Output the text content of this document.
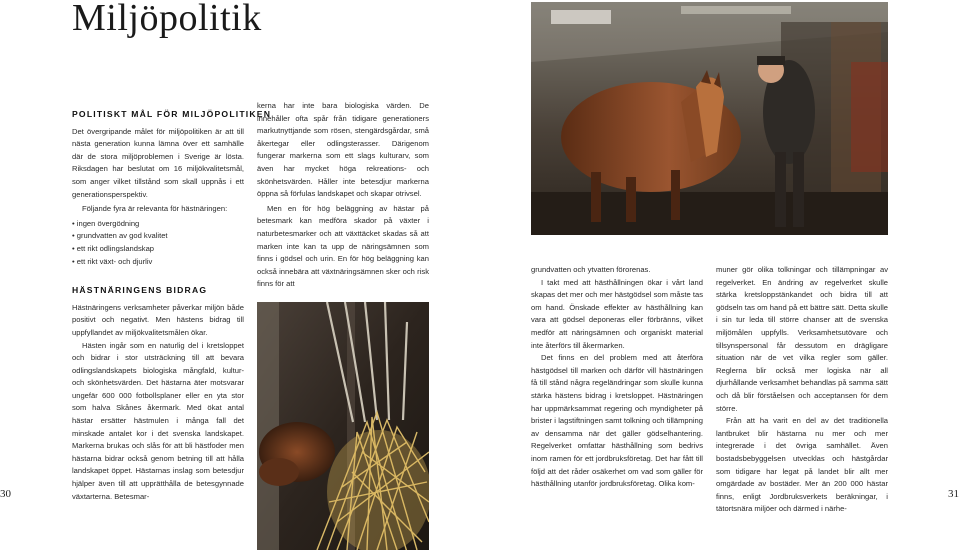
Miljöpolitik
POLITISKT MÅL FÖR MILJÖPOLITIKEN

Det övergripande målet för miljöpolitiken är att till nästa generation kunna lämna över ett samhälle där de stora miljöproblemen i Sverige är lösta. Riksdagen har beslutat om 16 miljökvalitetsmål, som anger vilket tillstånd som skall uppnås i ett generationsperspektiv.

Följande fyra är relevanta för hästnäringen:

• ingen övergödning
• grundvatten av god kvalitet
• ett rikt odlingslandskap
• ett rikt växt- och djurliv
HÄSTNÄRINGENS BIDRAG

Hästnäringens verksamheter påverkar miljön både positivt och negativt. Men hästens bidrag till uppfyllandet av miljökvalitetsmålen ökar.

Hästen ingår som en naturlig del i kretsloppet och bidrar i stor utsträckning till att bevara odlingslandskapets biologiska mångfald, kultur- och skönhetsvärden. Det hästarna äter motsvarar ungefär 600 000 fotbollsplaner eller en yta stor som halva Skånes åkermark. Med ökat antal hästar ersätter hästmulen i många fall det minskade antalet kor i det svenska landskapet. Markerna brukas och slås för att bli hästfoder men hästarna bidrar också genom betning till att hålla landskapet öppet. Hästarnas inslag som betesdjur hjälper även till att upprätthålla de betesgynnade växtarterna. Betesmar-

kerna har inte bara biologiska värden. De innehåller ofta spår från tidigare generationers markutnyttjande som rösen, stengärdsgårdar, små åkertegar eller odlingsterasser. Därigenom fungerar markerna som ett slags kulturarv, som även har mycket höga rekreations- och skönhetsvärden. Håller inte betesdjur markerna öppna så förfulas landskapet och skapar otrivsel.

Men en för hög beläggning av hästar på betesmark kan medföra skador på växter i naturbetesmarker och att växttäcket skadas så att marken inte kan ta upp de näringsämnen som finns i gödsel och urin. En för hög beläggning kan också innebära att växtnäringsämnen sker och risk finns för att

30

grundvatten och ytvatten förorenas.

I takt med att hästhållningen ökar i vårt land skapas det mer och mer hästgödsel som måste tas om hand. Önskade effekter av hästhållning kan vara att gödsel deponeras eller förbränns, vilket medför att näringsämnen och organiskt material inte återförs till åkermarken.

Det finns en del problem med att återföra hästgödsel till marken och därför vill hästnäringen få till stånd några regeländringar som skulle kunna stärka hästens bidrag i kretsloppet. Hästnäringen har uppmärksammat regering och myndigheter på brister i lagstiftningen samt tolkning och tillämpning av densamma när det gäller gödselhantering. Regelverket omfattar hästhållning som bedrivs inom ramen för ett jordbruksföretag. Det har fått till följd att det råder osäkerhet om vad som gäller för hästhållning utanför jordbruksföretag. Olika kom-

muner gör olika tolkningar och tillämpningar av regelverket. En ändring av regelverket skulle stärka kretsloppstänkandet och bidra till att gödseln tas om hand på ett bättre sätt. Detta skulle i sin tur leda till större chanser att de svenska miljömålen uppfylls. Verksamhetsutövare och tillsynspersonal får dessutom en drägligare situation när de vet vilka regler som gäller. Reglerna blir också mer logiska när all djurhållande verksamhet behandlas på samma sätt och då blir förståelsen och acceptansen för dem större.

Från att ha varit en del av det traditionella lantbruket blir hästarna nu mer och mer integrerade i det övriga samhället. Även bostadsbebyggelsen utvecklas och hästgårdar som tidigare har legat på landet blir allt mer omgärdade av bostäder. Mer än 200 000 hästar finns, enligt Jordbruksverkets beräkningar, i tätortsnära miljöer och därmed i närhe-

31
